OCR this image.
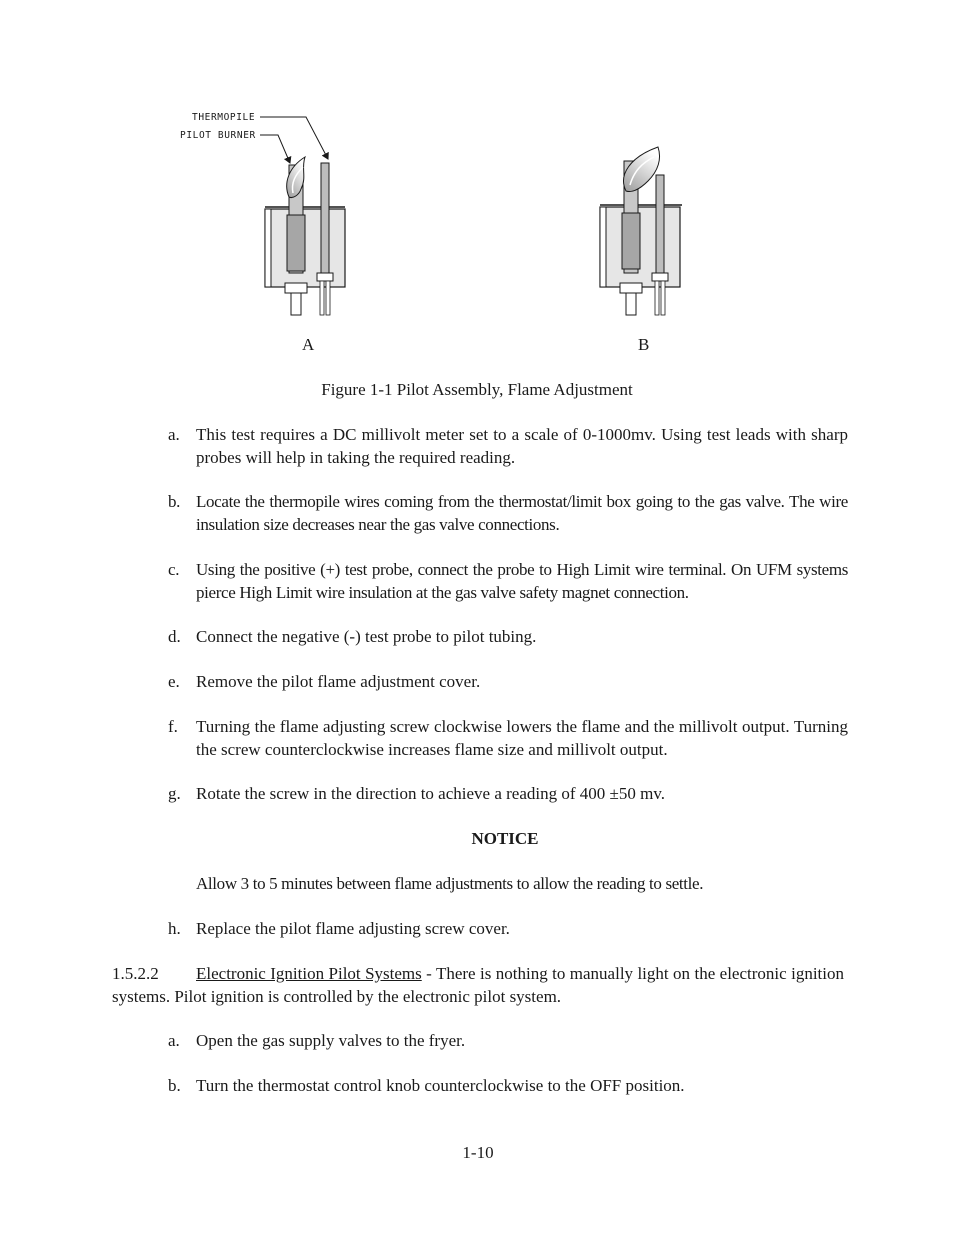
THERMOPILE
PILOT BURNER
A	B
Figure 1-1 Pilot Assembly, Flame Adjustment
a. This test requires a DC millivolt meter set to a scale of 0-1000mv. Using test leads with sharp probes will help in taking the required reading.
b. Locate the thermopile wires coming from the thermostat/limit box going to the gas valve. The wire insulation size decreases near the gas valve connections.
c. Using the positive (+) test probe, connect the probe to High Limit wire terminal. On UFM systems pierce High Limit wire insulation at the gas valve safety magnet connection.
d. Connect the negative (-) test probe to pilot tubing.
e. Remove the pilot flame adjustment cover.
f. Turning the flame adjusting screw clockwise lowers the flame and the millivolt output. Turning the screw counterclockwise increases flame size and millivolt output.
g. Rotate the screw in the direction to achieve a reading of 400 ±50 mv.
NOTICE
Allow 3 to 5 minutes between flame adjustments to allow the reading to settle.
h. Replace the pilot flame adjusting screw cover.
1.5.2.2 Electronic Ignition Pilot Systems - There is nothing to manually light on the electronic ignition systems. Pilot ignition is controlled by the electronic pilot system.
a. Open the gas supply valves to the fryer.
b. Turn the thermostat control knob counterclockwise to the OFF position.
1-10
